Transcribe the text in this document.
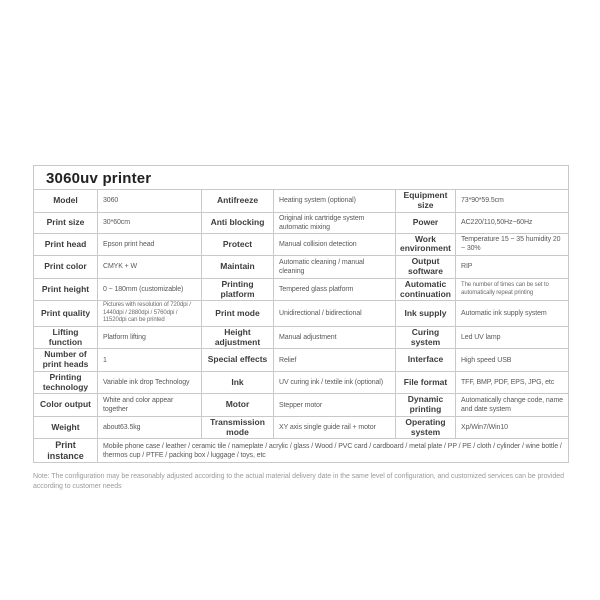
3060uv printer					
Model	3060	Antifreeze	Heating system (optional)	Equipment size	73*90*59.5cm
Print size	30*60cm	Anti blocking	Original ink cartridge system automatic mixing	Power	AC220/110,50Hz~60Hz
Print head	Epson print head	Protect	Manual collision detection	Work environment	Temperature 15 ~ 35 humidity 20 ~ 30%
Print color	CMYK + W	Maintain	Automatic cleaning / manual cleaning	Output software	RIP
Print height	0 ~ 180mm (customizable)	Printing platform	Tempered glass platform	Automatic continuation	The number of times can be set to automatically repeat printing
Print quality	Pictures with resolution of 720dpi / 1440dpi / 2880dpi / 5760dpi / 11520dpi can be printed	Print mode	Unidirectional / bidirectional	Ink supply	Automatic ink supply system
Lifting function	Platform lifting	Height adjustment	Manual adjustment	Curing system	Led UV lamp
Number of print heads	1	Special effects	Relief	Interface	High speed USB
Printing technology	Variable ink drop Technology	Ink	UV curing ink / textile ink (optional)	File format	TFF, BMP, PDF, EPS, JPG, etc
Color output	White and color appear together	Motor	Stepper motor	Dynamic printing	Automatically change code, name and date system
Weight	about63.5kg	Transmission mode	XY axis single guide rail + motor	Operating system	Xp/Win7/Win10
Print instance	Mobile phone case / leather / ceramic tile / nameplate / acrylic / glass / Wood / PVC card / cardboard / metal plate / PP / PE / cloth / cylinder / wine bottle / thermos cup / PTFE / packing box / luggage / toys, etc				

Note: The configuration may be reasonably adjusted according to the actual material delivery date in the same level of configuration, and customized services can be provided according to customer needs
